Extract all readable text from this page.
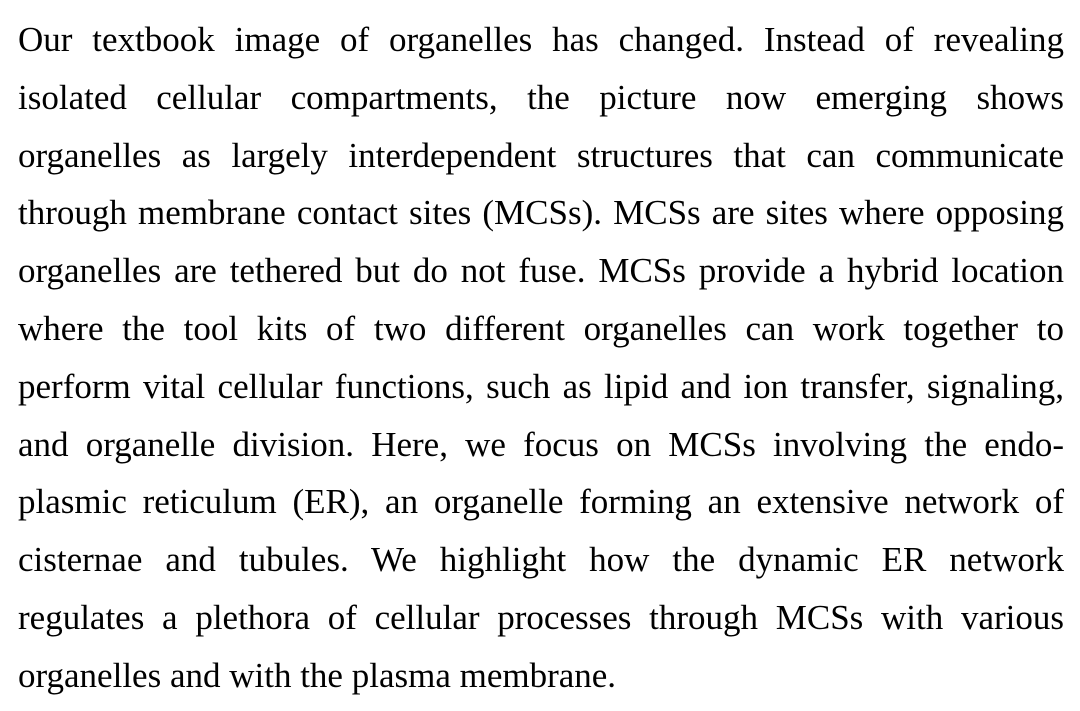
Our textbook image of organelles has changed. Instead of revealing
isolated cellular compartments, the picture now emerging shows
organelles as largely interdependent structures that can communicate
through membrane contact sites (MCSs). MCSs are sites where opposing
organelles are tethered but do not fuse. MCSs provide a hybrid location
where the tool kits of two different organelles can work together to
perform vital cellular functions, such as lipid and ion transfer, signaling,
and organelle division. Here, we focus on MCSs involving the endo-
plasmic reticulum (ER), an organelle forming an extensive network of
cisternae and tubules. We highlight how the dynamic ER network
regulates a plethora of cellular processes through MCSs with various
organelles and with the plasma membrane.
